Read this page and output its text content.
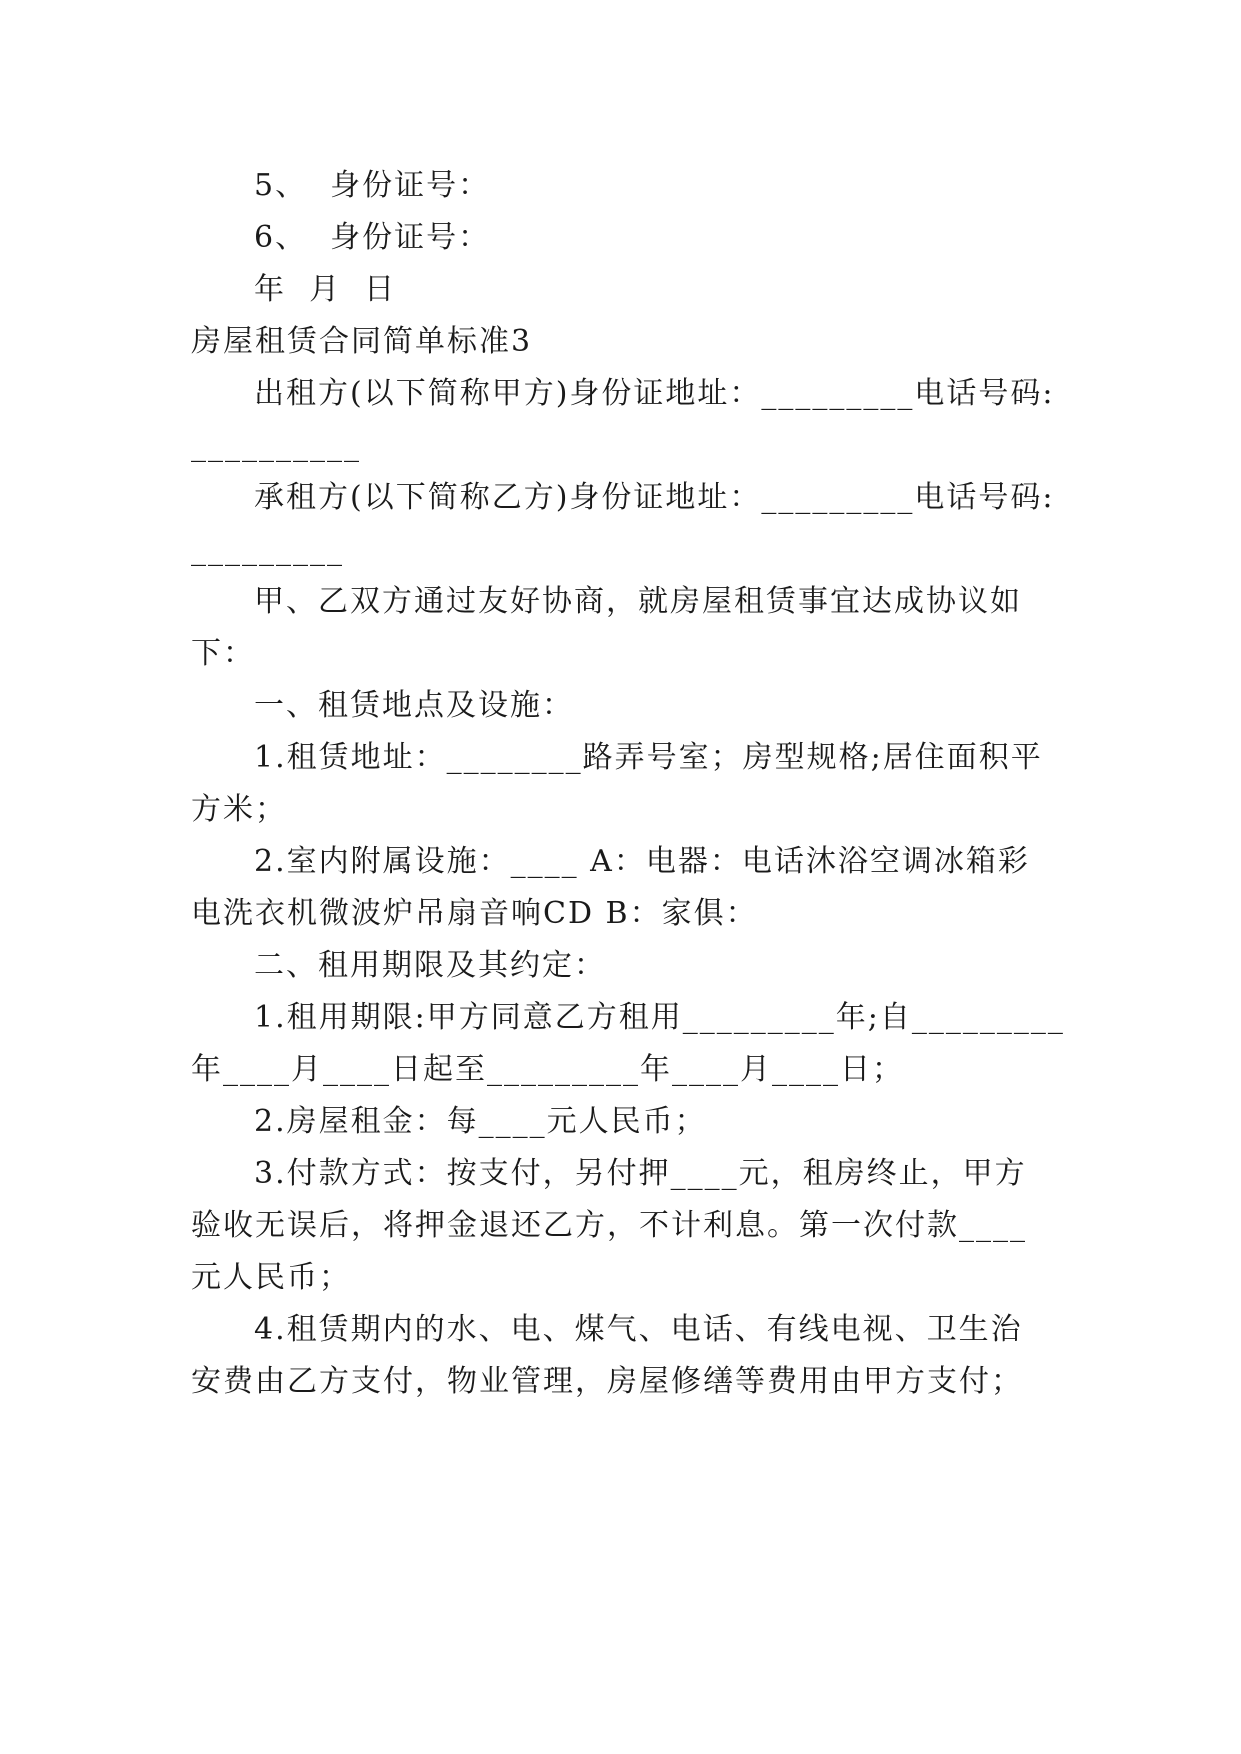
5、  身份证号：
6、  身份证号：
年  月  日
房屋租赁合同简单标准3
出租方(以下简称甲方)身份证地址：_________电话号码:
__________
承租方(以下简称乙方)身份证地址：_________电话号码:
_________
甲、乙双方通过友好协商，就房屋租赁事宜达成协议如
下：
一、租赁地点及设施：
1.租赁地址：________路弄号室；房型规格;居住面积平
方米；
2.室内附属设施：____ A：电器：电话沐浴空调冰箱彩
电洗衣机微波炉吊扇音响CD B：家俱：
二、租用期限及其约定：
1.租用期限:甲方同意乙方租用_________年;自_________
年____月____日起至_________年____月____日；
2.房屋租金：每____元人民币；
3.付款方式：按支付，另付押____元，租房终止，甲方
验收无误后，将押金退还乙方，不计利息。第一次付款____
元人民币；
4.租赁期内的水、电、煤气、电话、有线电视、卫生治
安费由乙方支付，物业管理，房屋修缮等费用由甲方支付；
